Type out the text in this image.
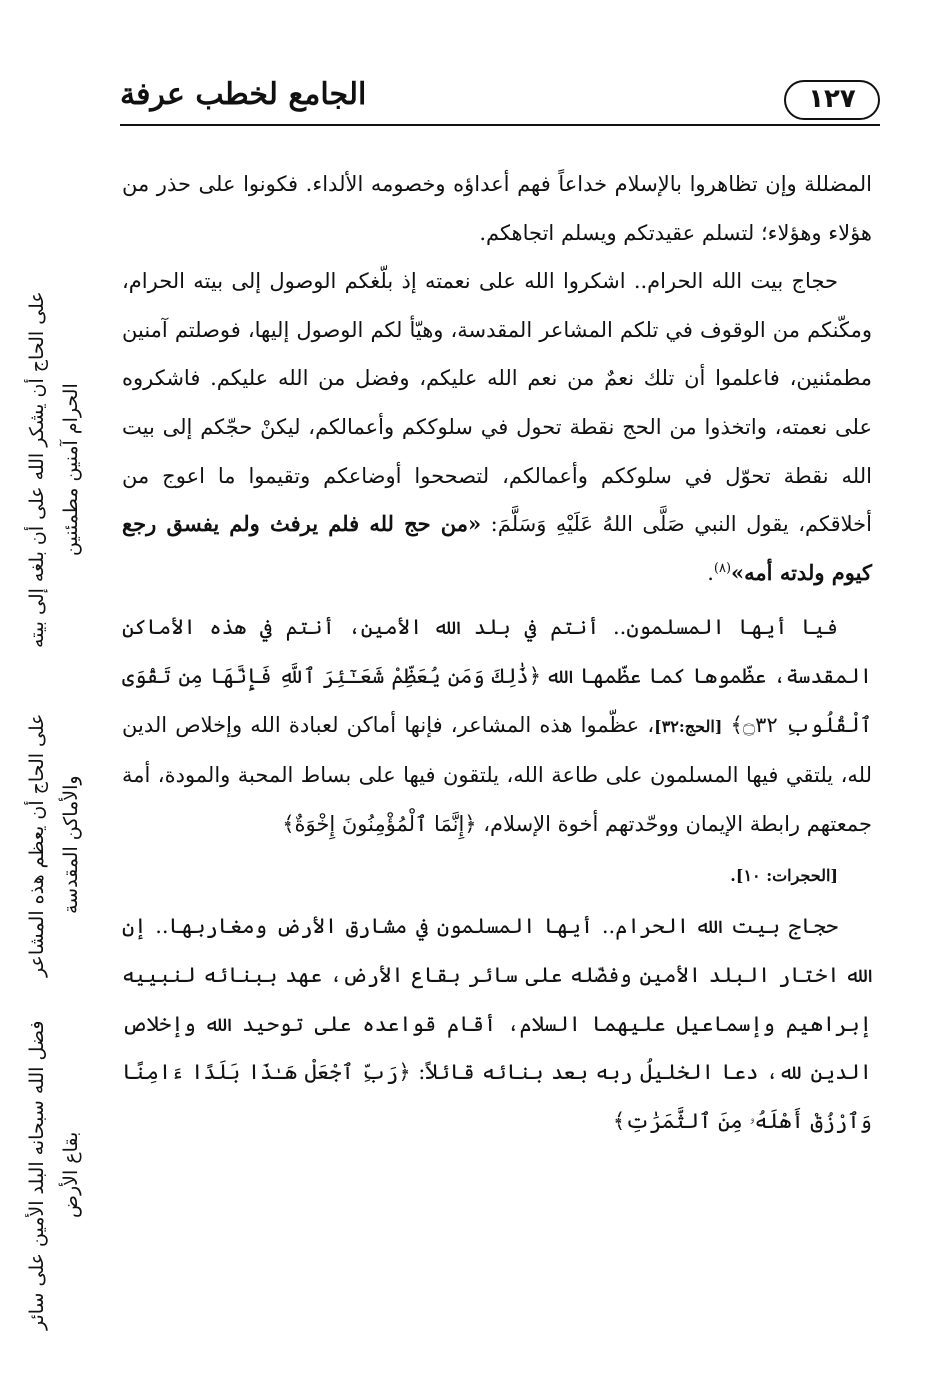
الجامع لخطب عرفة	١٢٧

المضللة وإن تظاهروا بالإسلام خداعاً فهم أعداؤه وخصومه الألداء. فكونوا على حذر من هؤلاء وهؤلاء؛ لتسلم عقيدتكم ويسلم اتجاهكم.

حجاج بيت الله الحرام.. اشكروا الله على نعمته إذ بلّغكم الوصول إلى بيته الحرام، ومكّنكم من الوقوف في تلكم المشاعر المقدسة، وهيّأ لكم الوصول إليها، فوصلتم آمنين مطمئنين، فاعلموا أن تلك نعمٌ من نعم الله عليكم، وفضل من الله عليكم. فاشكروه على نعمته، واتخذوا من الحج نقطة تحول في سلوككم وأعمالكم، ليكنْ حجّكم إلى بيت الله نقطة تحوّل في سلوككم وأعمالكم، لتصححوا أوضاعكم وتقيموا ما اعوج من أخلاقكم، يقول النبي صَلَّى اللهُ عَلَيْهِ وَسَلَّمَ: «من حج لله فلم يرفث ولم يفسق رجع كيوم ولدته أمه»$^{(٨)}$.

فيا أيها المسلمون.. أنتم في بلد الله الأمين، أنتم في هذه الأماكن المقدسة، عظّموها كما عظّمها الله ﴿ذَٰلِكَ وَمَن يُعَظِّمْ شَعَـٰٓئِرَ ٱللَّهِ فَإِنَّهَا مِن تَقْوَى ٱلْقُلُوبِ ۝٣٢﴾ [الحج:٣٢]، عظّموا هذه المشاعر، فإنها أماكن لعبادة الله وإخلاص الدين لله، يلتقي فيها المسلمون على طاعة الله، يلتقون فيها على بساط المحبة والمودة، أمة جمعتهم رابطة الإيمان ووحّدتهم أخوة الإسلام، ﴿إِنَّمَا ٱلْمُؤْمِنُونَ إِخْوَةٌ﴾

[الحجرات: ١٠].

حجاج بيت الله الحرام.. أيها المسلمون في مشارق الأرض ومغاربها.. إن الله اختار البلد الأمين وفضّله على سائر بقاع الأرض، عهد ببنائه لنبييه إبراهيم وإسماعيل عليهما السلام، أقام قواعده على توحيد الله وإخلاص الدين لله، دعا الخليلُ ربه بعد بنائه قائلاً: ﴿رَبِّ ٱجْعَلْ هَـٰذَا بَلَدًا ءَامِنًا وَٱرْزُقْ أَهْلَهُۥ مِنَ ٱلثَّمَرَٰتِ﴾

على الحاج أن يشكر الله على أن بلغه إلى بيته الحرام آمنين مطمئنين
على الحاج أن يعظم هذه المشاعر والأماكن المقدسة
فضل الله سبحانه البلد الأمين على سائر بقاع الأرض
